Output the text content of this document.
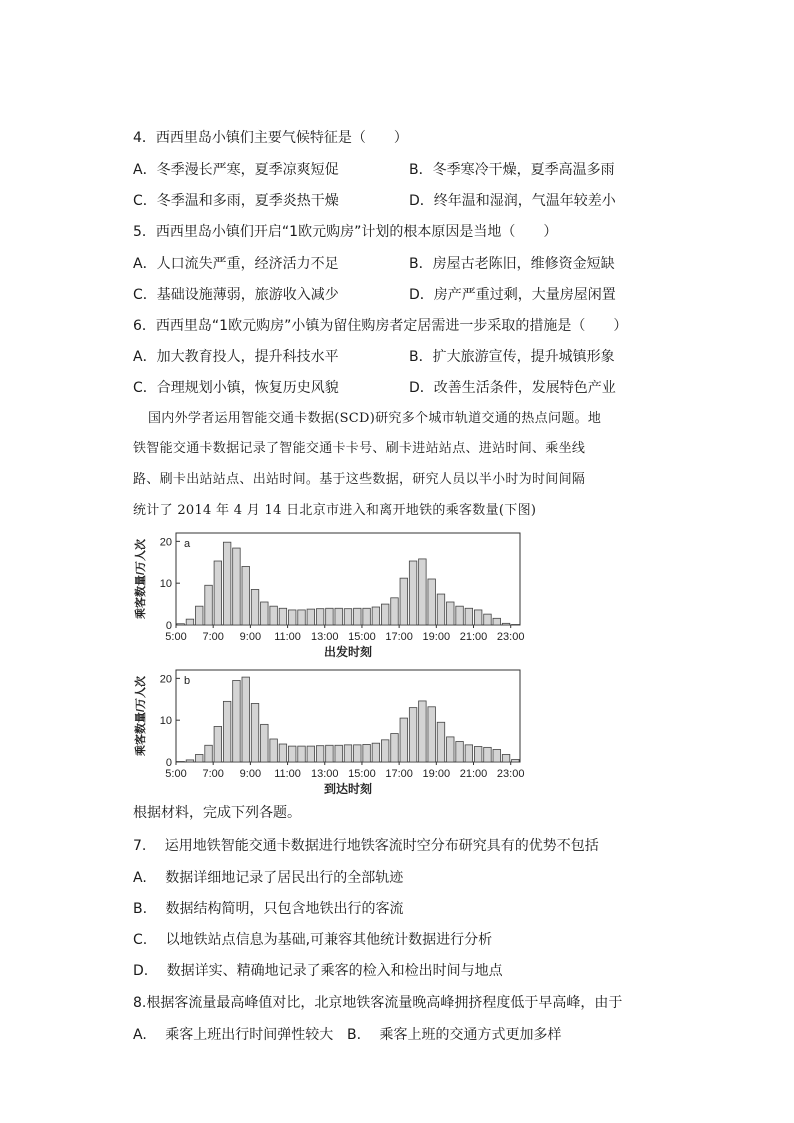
4．西西里岛小镇们主要气候特征是（　　）
A．冬季漫长严寒，夏季凉爽短促	B．冬季寒冷干燥，夏季高温多雨
C．冬季温和多雨，夏季炎热干燥	D．终年温和湿润，气温年较差小
5．西西里岛小镇们开启“1欧元购房”计划的根本原因是当地（　　）
A．人口流失严重，经济活力不足	B．房屋古老陈旧，维修资金短缺
C．基础设施薄弱，旅游收入减少	D．房产严重过剩，大量房屋闲置
6．西西里岛“1欧元购房”小镇为留住购房者定居需进一步采取的措施是（　　）
A．加大教育投人，提升科技水平	B．扩大旅游宣传，提升城镇形象
C．合理规划小镇，恢复历史风貌	D．改善生活条件，发展特色产业
国内外学者运用智能交通卡数据(SCD)研究多个城市轨道交通的热点问题。地
铁智能交通卡数据记录了智能交通卡卡号、刷卡进站站点、进站时间、乘坐线
路、刷卡出站站点、出站时间。基于这些数据，研究人员以半小时为时间间隔
统计了 2014 年 4 月 14 日北京市进入和离开地铁的乘客数量(下图)
a
0
10
20
5:00 7:00 9:00 11:00 13:00 15:00 17:00 19:00 21:00 23:00
出发时刻
乘客数量/万人次
b
0
10
20
5:00 7:00 9:00 11:00 13:00 15:00 17:00 19:00 21:00 23:00
到达时刻
乘客数量/万人次
根据材料，完成下列各题。
7.　 运用地铁智能交通卡数据进行地铁客流时空分布研究具有的优势不包括
A.　 数据详细地记录了居民出行的全部轨迹
B.　 数据结构简明，只包含地铁出行的客流
C.　 以地铁站点信息为基础,可兼容其他统计数据进行分析
D.　 数据详实、精确地记录了乘客的检入和检出时间与地点
8.根据客流量最高峰值对比，北京地铁客流量晚高峰拥挤程度低于早高峰，由于
A.　 乘客上班出行时间弹性较大 B.　 乘客上班的交通方式更加多样
